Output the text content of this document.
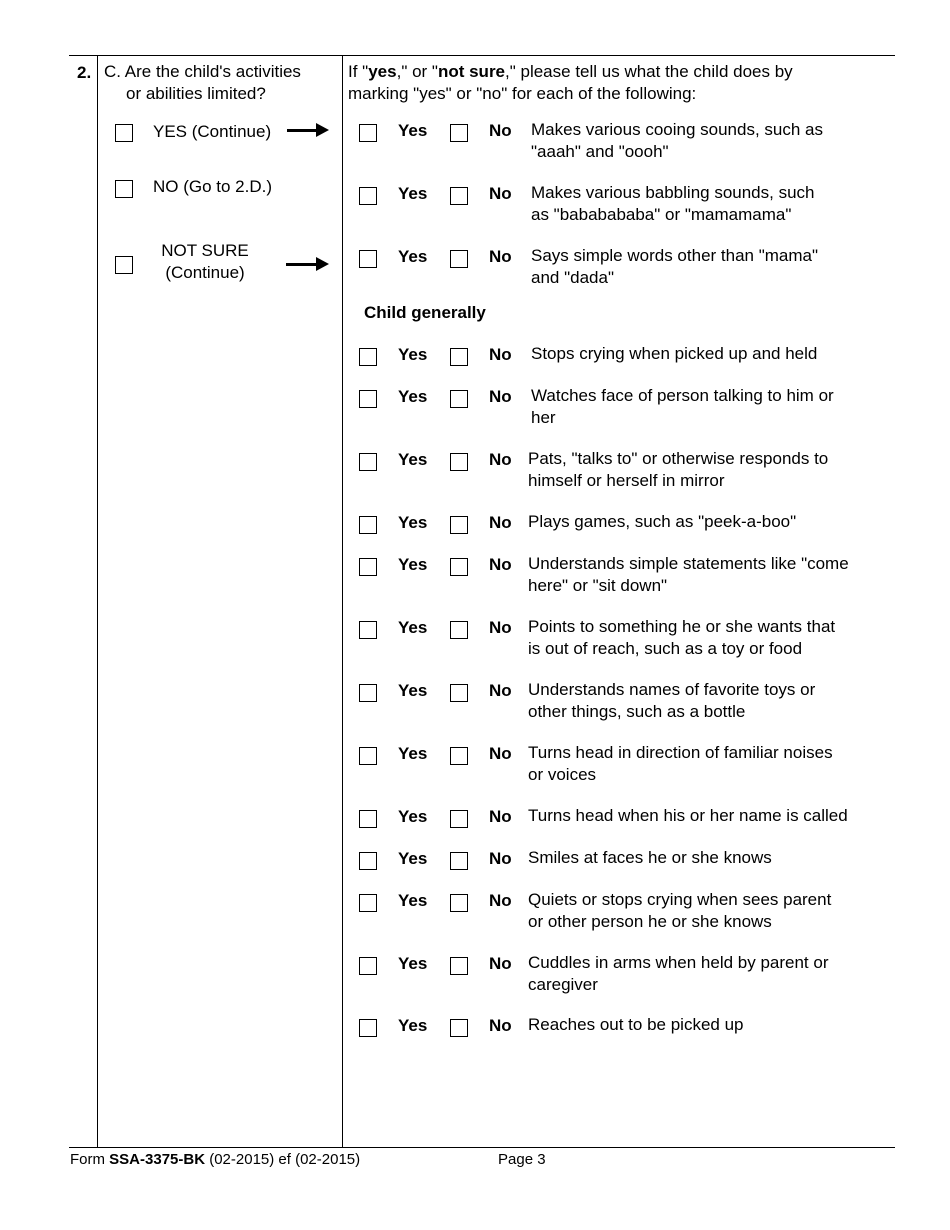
2. C. Are the child's activities
or abilities limited?
YES (Continue)
NO (Go to 2.D.)
NOT SURE
(Continue)
If "yes," or "not sure," please tell us what the child does by
marking "yes" or "no" for each of the following:
Yes	No Makes various cooing sounds, such as
"aaah" and "oooh"
Yes	No Makes various babbling sounds, such
as "bababababa" or "mamamama"
Yes	No Says simple words other than "mama"
and "dada"
Child generally
Yes	No Stops crying when picked up and held
Yes	No Watches face of person talking to him or
her
Yes	No Pats, "talks to" or otherwise responds to
himself or herself in mirror
Yes	No Plays games, such as "peek-a-boo"
Yes	No Understands simple statements like "come
here" or "sit down"
Yes	No Points to something he or she wants that
is out of reach, such as a toy or food
Yes	No Understands names of favorite toys or
other things, such as a bottle
Yes	No Turns head in direction of familiar noises
or voices
Yes	No Turns head when his or her name is called
Yes	No Smiles at faces he or she knows
Yes	No Quiets or stops crying when sees parent
or other person he or she knows
Yes	No Cuddles in arms when held by parent or
caregiver
Yes	No Reaches out to be picked up
Form SSA-3375-BK (02-2015) ef (02-2015)	Page 3
